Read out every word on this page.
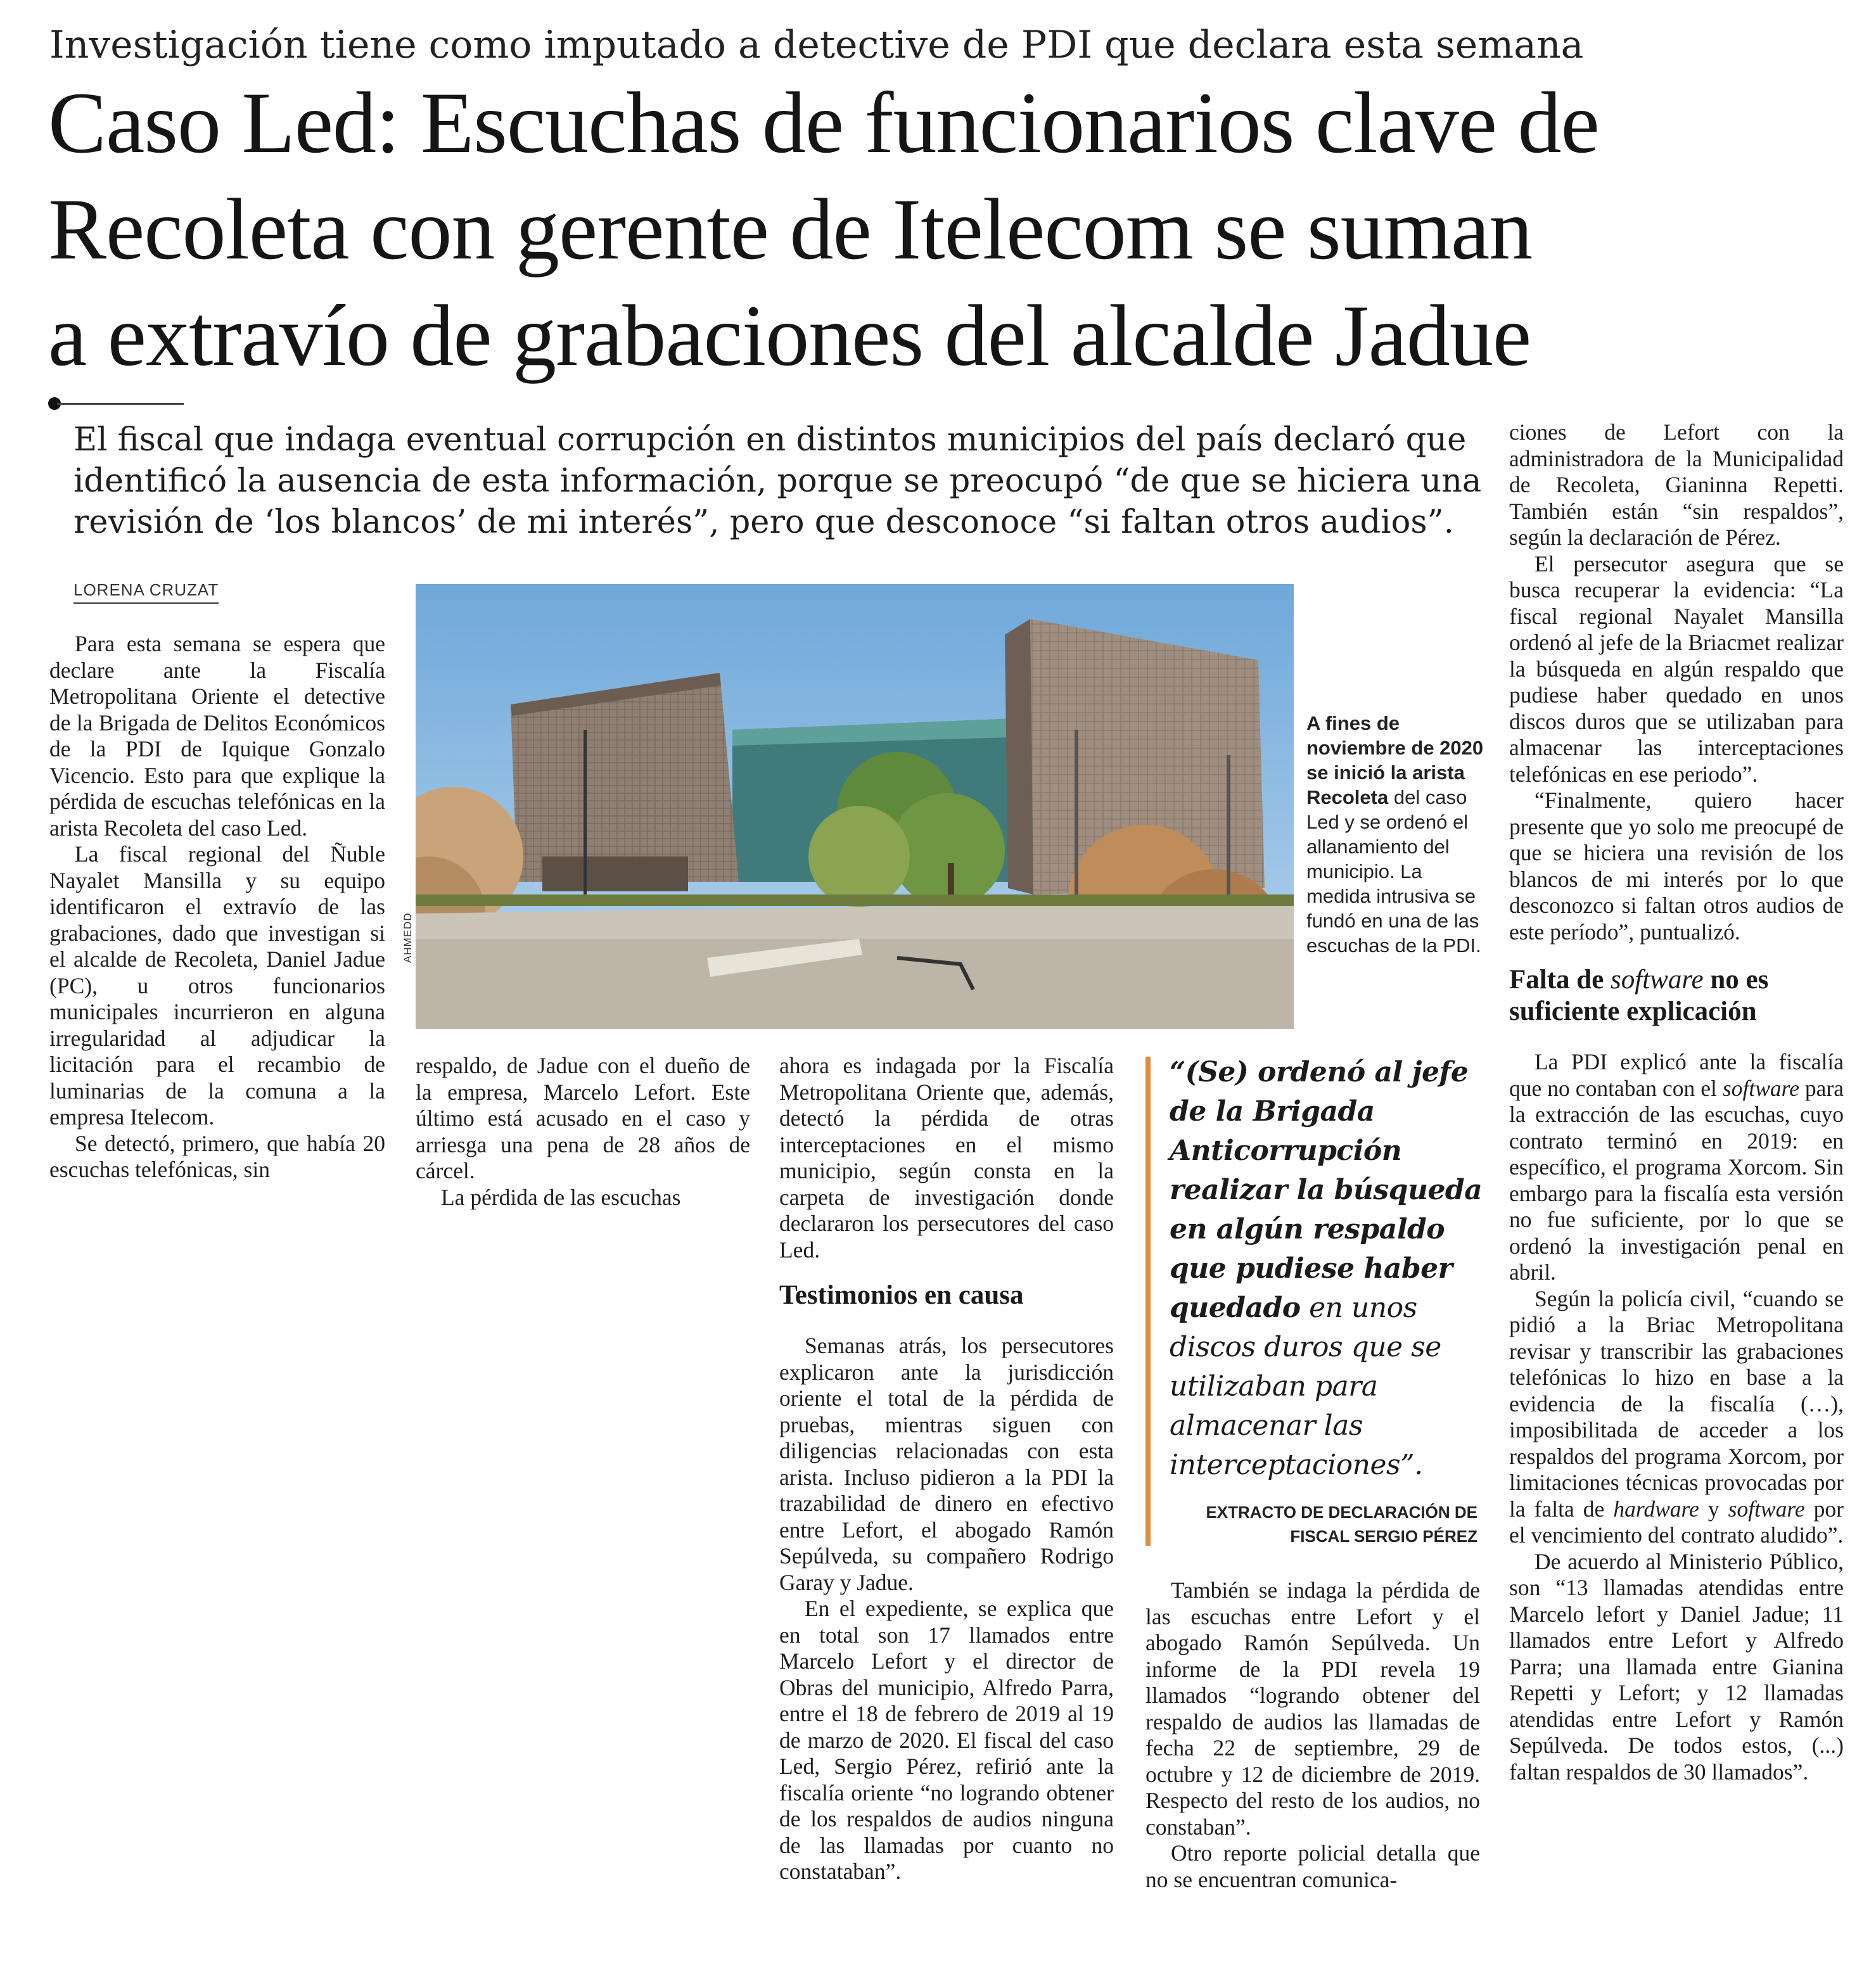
Investigación tiene como imputado a detective de PDI que declara esta semana
Caso Led: Escuchas de funcionarios clave de
Recoleta con gerente de Itelecom se suman
a extravío de grabaciones del alcalde Jadue
El fiscal que indaga eventual corrupción en distintos municipios del país declaró que
identificó la ausencia de esta información, porque se preocupó “de que se hiciera una
revisión de ‘los blancos’ de mi interés”, pero que desconoce “si faltan otros audios”.
LORENA CRUZAT

Para esta semana se espera que declare ante la Fiscalía Metropolitana Oriente el detective de la Brigada de Delitos Económicos de la PDI de Iquique Gonzalo Vicencio. Esto para que explique la pérdida de escuchas telefónicas en la arista Recoleta del caso Led.

La fiscal regional del Ñuble Nayalet Mansilla y su equipo identificaron el extravío de las grabaciones, dado que investigan si el alcalde de Recoleta, Daniel Jadue (PC), u otros funcionarios municipales incurrieron en alguna irregularidad al adjudicar la licitación para el recambio de luminarias de la comuna a la empresa Itelecom.

Se detectó, primero, que había 20 escuchas telefónicas, sin

AHMEDD
A fines de noviembre de 2020 se inició la arista Recoleta del caso Led y se ordenó el allanamiento del municipio. La medida intrusiva se fundó en una de las escuchas de la PDI.

respaldo, de Jadue con el dueño de la empresa, Marcelo Lefort. Este último está acusado en el caso y arriesga una pena de 28 años de cárcel.

La pérdida de las escuchas

ahora es indagada por la Fiscalía Metropolitana Oriente que, además, detectó la pérdida de otras interceptaciones en el mismo municipio, según consta en la carpeta de investigación donde declararon los persecutores del caso Led.

Testimonios en causa

Semanas atrás, los persecutores explicaron ante la jurisdicción oriente el total de la pérdida de pruebas, mientras siguen con diligencias relacionadas con esta arista. Incluso pidieron a la PDI la trazabilidad de dinero en efectivo entre Lefort, el abogado Ramón Sepúlveda, su compañero Rodrigo Garay y Jadue.

En el expediente, se explica que en total son 17 llamados entre Marcelo Lefort y el director de Obras del municipio, Alfredo Parra, entre el 18 de febrero de 2019 al 19 de marzo de 2020. El fiscal del caso Led, Sergio Pérez, refirió ante la fiscalía oriente “no logrando obtener de los respaldos de audios ninguna de las llamadas por cuanto no constataban”.

“(Se) ordenó al jefe de la Brigada Anticorrupción realizar la búsqueda en algún respaldo que pudiese haber quedado en unos discos duros que se utilizaban para almacenar las interceptaciones”.
EXTRACTO DE DECLARACIÓN DE
FISCAL SERGIO PÉREZ

También se indaga la pérdida de las escuchas entre Lefort y el abogado Ramón Sepúlveda. Un informe de la PDI revela 19 llamados “logrando obtener del respaldo de audios las llamadas de fecha 22 de septiembre, 29 de octubre y 12 de diciembre de 2019. Respecto del resto de los audios, no constaban”.

Otro reporte policial detalla que no se encuentran comunica-

ciones de Lefort con la administradora de la Municipalidad de Recoleta, Gianinna Repetti. También están “sin respaldos”, según la declaración de Pérez.

El persecutor asegura que se busca recuperar la evidencia: “La fiscal regional Nayalet Mansilla ordenó al jefe de la Briacmet realizar la búsqueda en algún respaldo que pudiese haber quedado en unos discos duros que se utilizaban para almacenar las interceptaciones telefónicas en ese periodo”.

“Finalmente, quiero hacer presente que yo solo me preocupé de que se hiciera una revisión de los blancos de mi interés por lo que desconozco si faltan otros audios de este período”, puntualizó.

Falta de software no es suficiente explicación

La PDI explicó ante la fiscalía que no contaban con el software para la extracción de las escuchas, cuyo contrato terminó en 2019: en específico, el programa Xorcom. Sin embargo para la fiscalía esta versión no fue suficiente, por lo que se ordenó la investigación penal en abril.

Según la policía civil, “cuando se pidió a la Briac Metropolitana revisar y transcribir las grabaciones telefónicas lo hizo en base a la evidencia de la fiscalía (…), imposibilitada de acceder a los respaldos del programa Xorcom, por limitaciones técnicas provocadas por la falta de hardware y software por el vencimiento del contrato aludido”.

De acuerdo al Ministerio Público, son “13 llamadas atendidas entre Marcelo lefort y Daniel Jadue; 11 llamados entre Lefort y Alfredo Parra; una llamada entre Gianina Repetti y Lefort; y 12 llamadas atendidas entre Lefort y Ramón Sepúlveda. De todos estos, (...) faltan respaldos de 30 llamados”.
